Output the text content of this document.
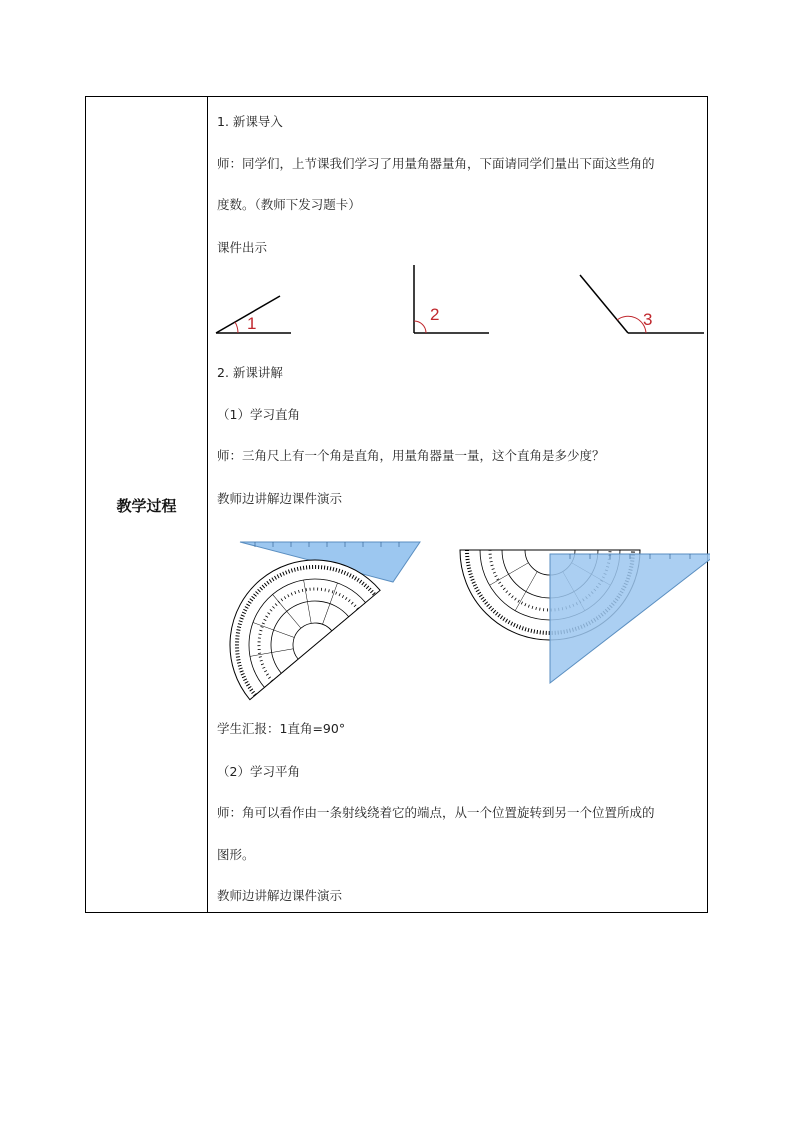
教学过程
1. 新课导入
师：同学们，上节课我们学习了用量角器量角，下面请同学们量出下面这些角的
度数。（教师下发习题卡）
课件出示
1	2	3
2. 新课讲解
（1）学习直角
师：三角尺上有一个角是直角，用量角器量一量，这个直角是多少度？
教师边讲解边课件演示
学生汇报：1直角=90°
（2）学习平角
师：角可以看作由一条射线绕着它的端点，从一个位置旋转到另一个位置所成的
图形。
教师边讲解边课件演示
